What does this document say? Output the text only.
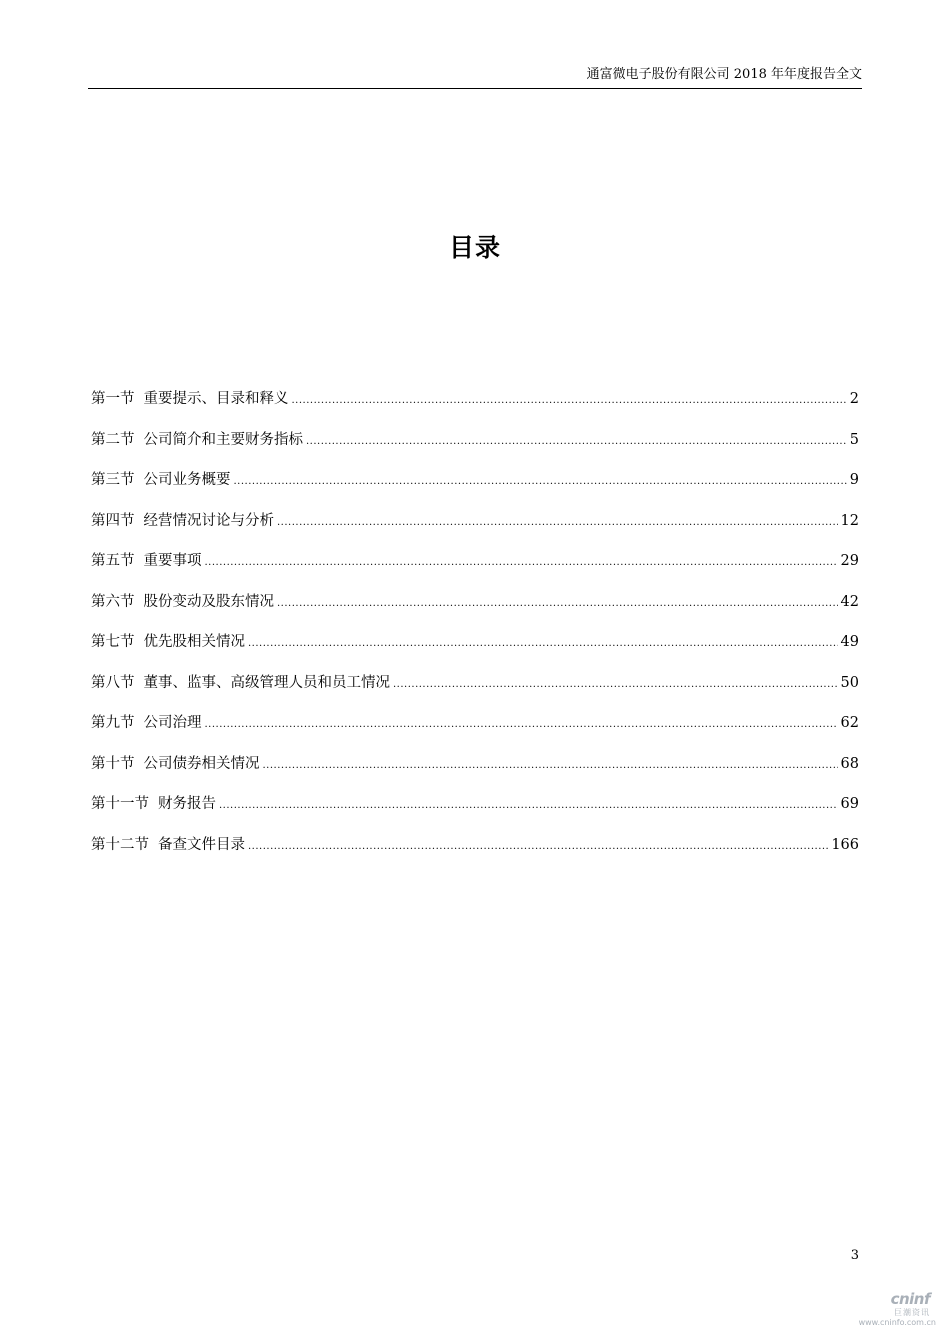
通富微电子股份有限公司 2018 年年度报告全文
目录
第一节 重要提示、目录和释义 .....	2
第二节 公司简介和主要财务指标 .....	5
第三节 公司业务概要 .....	9
第四节 经营情况讨论与分析 .....	12
第五节 重要事项 .....	29
第六节 股份变动及股东情况 .....	42
第七节 优先股相关情况 .....	49
第八节 董事、监事、高级管理人员和员工情况 .....	50
第九节 公司治理 .....	62
第十节 公司债券相关情况 .....	68
第十一节 财务报告 .....	69
第十二节 备查文件目录 .....	166
3
cninf
巨潮资讯
www.cninfo.com.cn
